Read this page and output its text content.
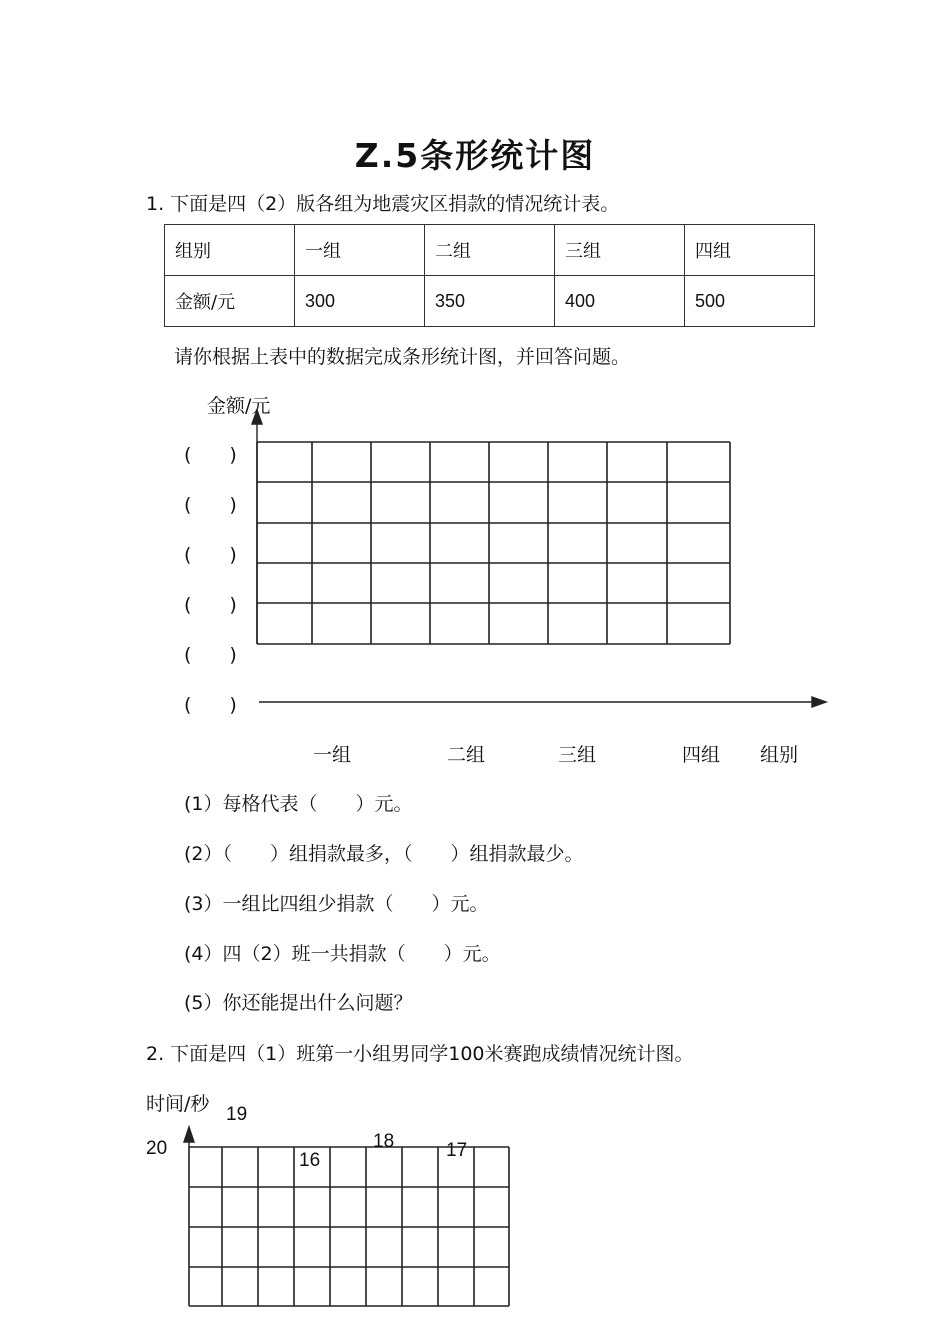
Z.5条形统计图
1. 下面是四（2）版各组为地震灾区捐款的情况统计表。
组别	一组	二组	三组	四组
金额/元	300	350	400	500
请你根据上表中的数据完成条形统计图，并回答问题。
金额/元
(　　)
(　　)
(　　)
(　　)
(　　)
(　　)
一组	二组	三组	四组 组别
(1）每格代表（　　）元。
(2）（　　）组捐款最多，（　　）组捐款最少。
(3）一组比四组少捐款（　　）元。
(4）四（2）班一共捐款（　　）元。
(5）你还能提出什么问题？
2. 下面是四（1）班第一小组男同学100米赛跑成绩情况统计图。
时间/秒
20
19
16
18	17
